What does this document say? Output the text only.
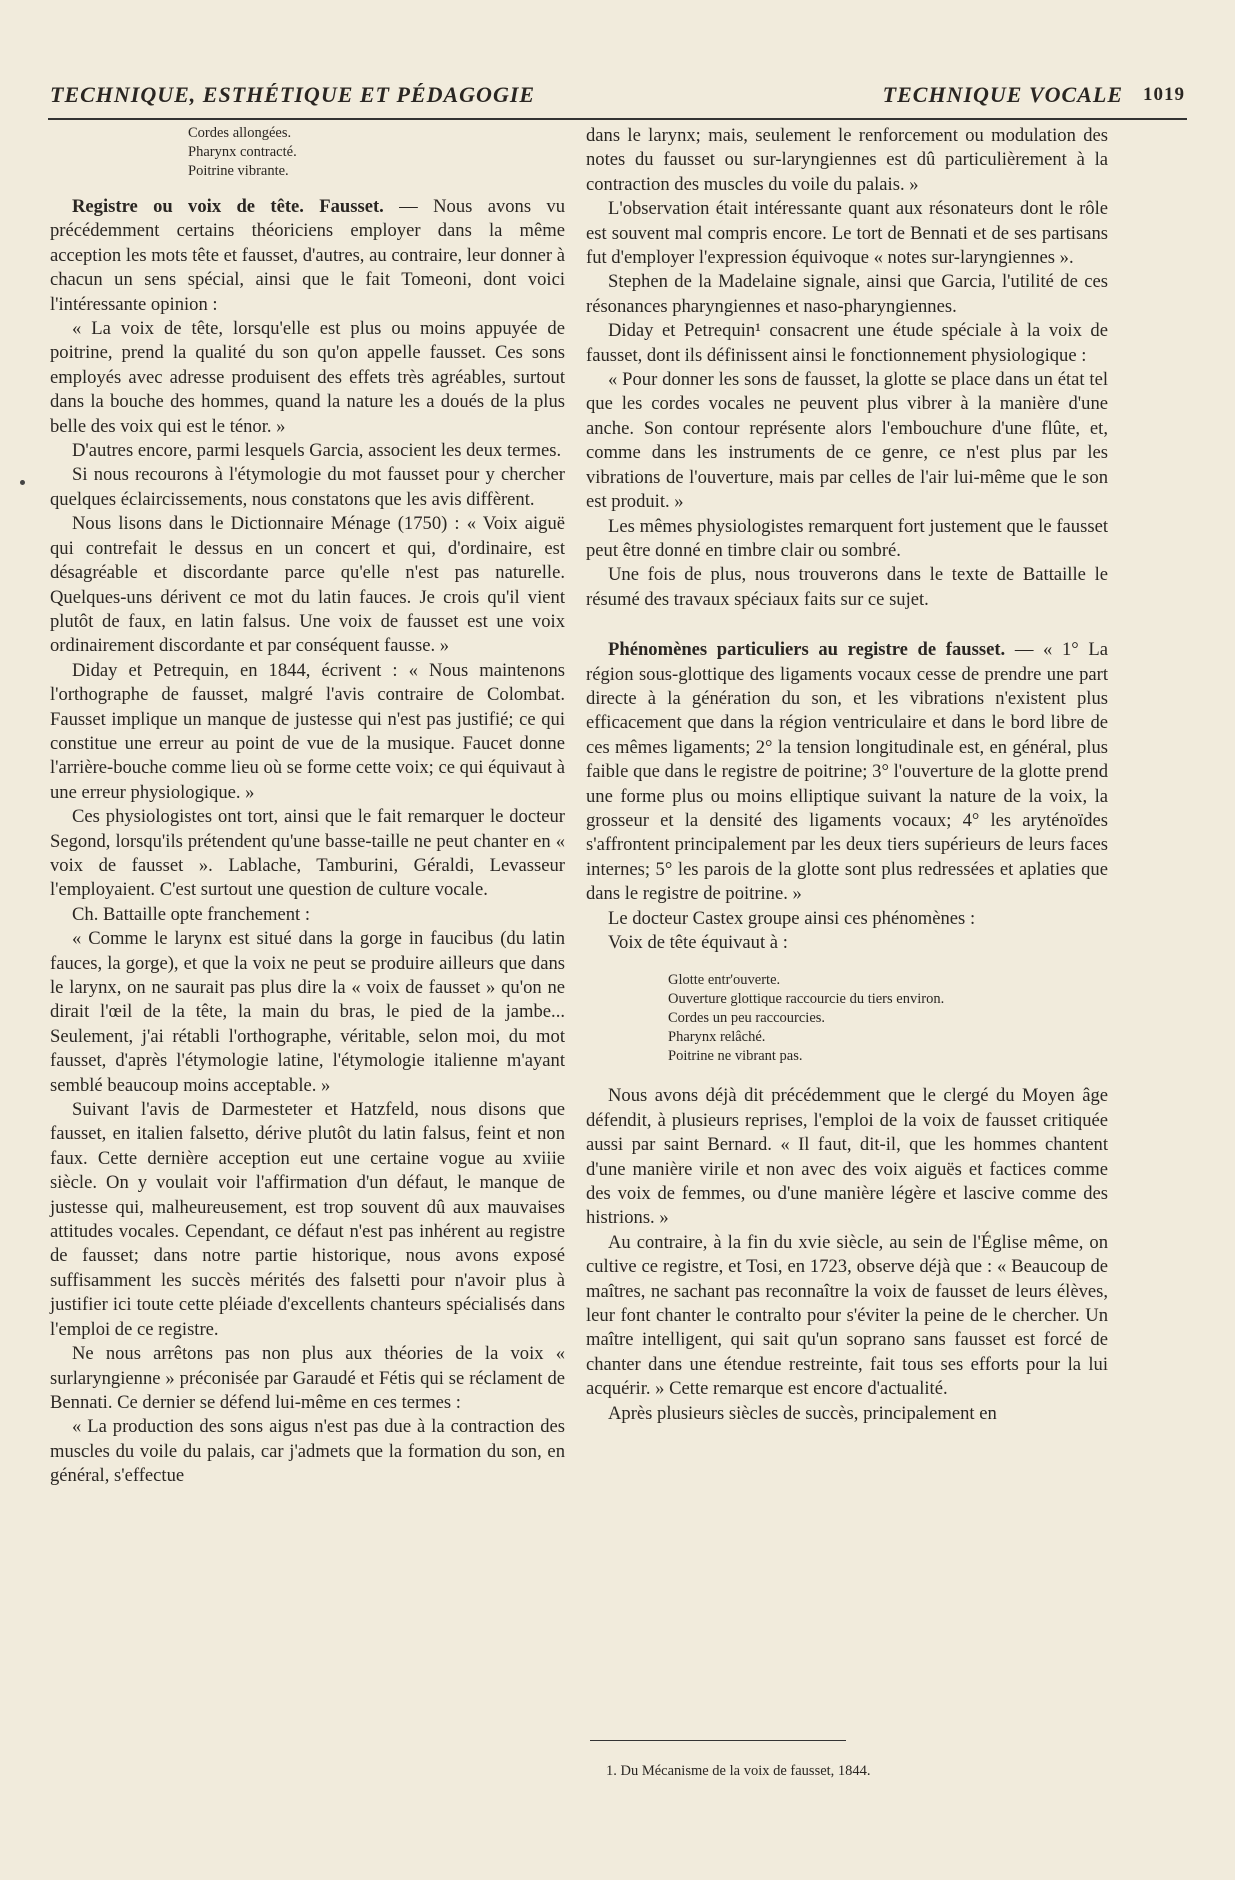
TECHNIQUE, ESTHÉTIQUE ET PÉDAGOGIE	TECHNIQUE VOCALE 1019
Cordes allongées.
Pharynx contracté.
Poitrine vibrante.

Registre ou voix de tête. Fausset. — Nous avons vu précédemment certains théoriciens employer dans la même acception les mots tête et fausset, d'autres, au contraire, leur donner à chacun un sens spécial, ainsi que le fait Tomeoni, dont voici l'intéressante opinion :

« La voix de tête, lorsqu'elle est plus ou moins appuyée de poitrine, prend la qualité du son qu'on appelle fausset. Ces sons employés avec adresse produisent des effets très agréables, surtout dans la bouche des hommes, quand la nature les a doués de la plus belle des voix qui est le ténor. »

D'autres encore, parmi lesquels Garcia, associent les deux termes.

Si nous recourons à l'étymologie du mot fausset pour y chercher quelques éclaircissements, nous constatons que les avis diffèrent.

Nous lisons dans le Dictionnaire Ménage (1750) : « Voix aiguë qui contrefait le dessus en un concert et qui, d'ordinaire, est désagréable et discordante parce qu'elle n'est pas naturelle. Quelques-uns dérivent ce mot du latin fauces. Je crois qu'il vient plutôt de faux, en latin falsus. Une voix de fausset est une voix ordinairement discordante et par conséquent fausse. »

Diday et Petrequin, en 1844, écrivent : « Nous maintenons l'orthographe de fausset, malgré l'avis contraire de Colombat. Fausset implique un manque de justesse qui n'est pas justifié; ce qui constitue une erreur au point de vue de la musique. Faucet donne l'arrière-bouche comme lieu où se forme cette voix; ce qui équivaut à une erreur physiologique. »

Ces physiologistes ont tort, ainsi que le fait remarquer le docteur Segond, lorsqu'ils prétendent qu'une basse-taille ne peut chanter en « voix de fausset ». Lablache, Tamburini, Géraldi, Levasseur l'employaient. C'est surtout une question de culture vocale.

Ch. Battaille opte franchement :

« Comme le larynx est situé dans la gorge in faucibus (du latin fauces, la gorge), et que la voix ne peut se produire ailleurs que dans le larynx, on ne saurait pas plus dire la « voix de fausset » qu'on ne dirait l'œil de la tête, la main du bras, le pied de la jambe... Seulement, j'ai rétabli l'orthographe, véritable, selon moi, du mot fausset, d'après l'étymologie latine, l'étymologie italienne m'ayant semblé beaucoup moins acceptable. »

Suivant l'avis de Darmesteter et Hatzfeld, nous disons que fausset, en italien falsetto, dérive plutôt du latin falsus, feint et non faux. Cette dernière acception eut une certaine vogue au xviiie siècle. On y voulait voir l'affirmation d'un défaut, le manque de justesse qui, malheureusement, est trop souvent dû aux mauvaises attitudes vocales. Cependant, ce défaut n'est pas inhérent au registre de fausset; dans notre partie historique, nous avons exposé suffisamment les succès mérités des falsetti pour n'avoir plus à justifier ici toute cette pléiade d'excellents chanteurs spécialisés dans l'emploi de ce registre.

Ne nous arrêtons pas non plus aux théories de la voix « surlaryngienne » préconisée par Garaudé et Fétis qui se réclament de Bennati. Ce dernier se défend lui-même en ces termes :

« La production des sons aigus n'est pas due à la contraction des muscles du voile du palais, car j'admets que la formation du son, en général, s'effectue

dans le larynx; mais, seulement le renforcement ou modulation des notes du fausset ou sur-laryngiennes est dû particulièrement à la contraction des muscles du voile du palais. »

L'observation était intéressante quant aux résonateurs dont le rôle est souvent mal compris encore. Le tort de Bennati et de ses partisans fut d'employer l'expression équivoque « notes sur-laryngiennes ».

Stephen de la Madelaine signale, ainsi que Garcia, l'utilité de ces résonances pharyngiennes et naso-pharyngiennes.

Diday et Petrequin¹ consacrent une étude spéciale à la voix de fausset, dont ils définissent ainsi le fonctionnement physiologique :

« Pour donner les sons de fausset, la glotte se place dans un état tel que les cordes vocales ne peuvent plus vibrer à la manière d'une anche. Son contour représente alors l'embouchure d'une flûte, et, comme dans les instruments de ce genre, ce n'est plus par les vibrations de l'ouverture, mais par celles de l'air lui-même que le son est produit. »

Les mêmes physiologistes remarquent fort justement que le fausset peut être donné en timbre clair ou sombré.

Une fois de plus, nous trouverons dans le texte de Battaille le résumé des travaux spéciaux faits sur ce sujet.

Phénomènes particuliers au registre de fausset. — « 1° La région sous-glottique des ligaments vocaux cesse de prendre une part directe à la génération du son, et les vibrations n'existent plus efficacement que dans la région ventriculaire et dans le bord libre de ces mêmes ligaments; 2° la tension longitudinale est, en général, plus faible que dans le registre de poitrine; 3° l'ouverture de la glotte prend une forme plus ou moins elliptique suivant la nature de la voix, la grosseur et la densité des ligaments vocaux; 4° les aryténoïdes s'affrontent principalement par les deux tiers supérieurs de leurs faces internes; 5° les parois de la glotte sont plus redressées et aplaties que dans le registre de poitrine. »

Le docteur Castex groupe ainsi ces phénomènes :

Voix de tête équivaut à :

Glotte entr'ouverte.
Ouverture glottique raccourcie du tiers environ.
Cordes un peu raccourcies.
Pharynx relâché.
Poitrine ne vibrant pas.

Nous avons déjà dit précédemment que le clergé du Moyen âge défendit, à plusieurs reprises, l'emploi de la voix de fausset critiquée aussi par saint Bernard. « Il faut, dit-il, que les hommes chantent d'une manière virile et non avec des voix aiguës et factices comme des voix de femmes, ou d'une manière légère et lascive comme des histrions. »

Au contraire, à la fin du xvie siècle, au sein de l'Église même, on cultive ce registre, et Tosi, en 1723, observe déjà que : « Beaucoup de maîtres, ne sachant pas reconnaître la voix de fausset de leurs élèves, leur font chanter le contralto pour s'éviter la peine de le chercher. Un maître intelligent, qui sait qu'un soprano sans fausset est forcé de chanter dans une étendue restreinte, fait tous ses efforts pour la lui acquérir. » Cette remarque est encore d'actualité.

Après plusieurs siècles de succès, principalement en

1. Du Mécanisme de la voix de fausset, 1844.
